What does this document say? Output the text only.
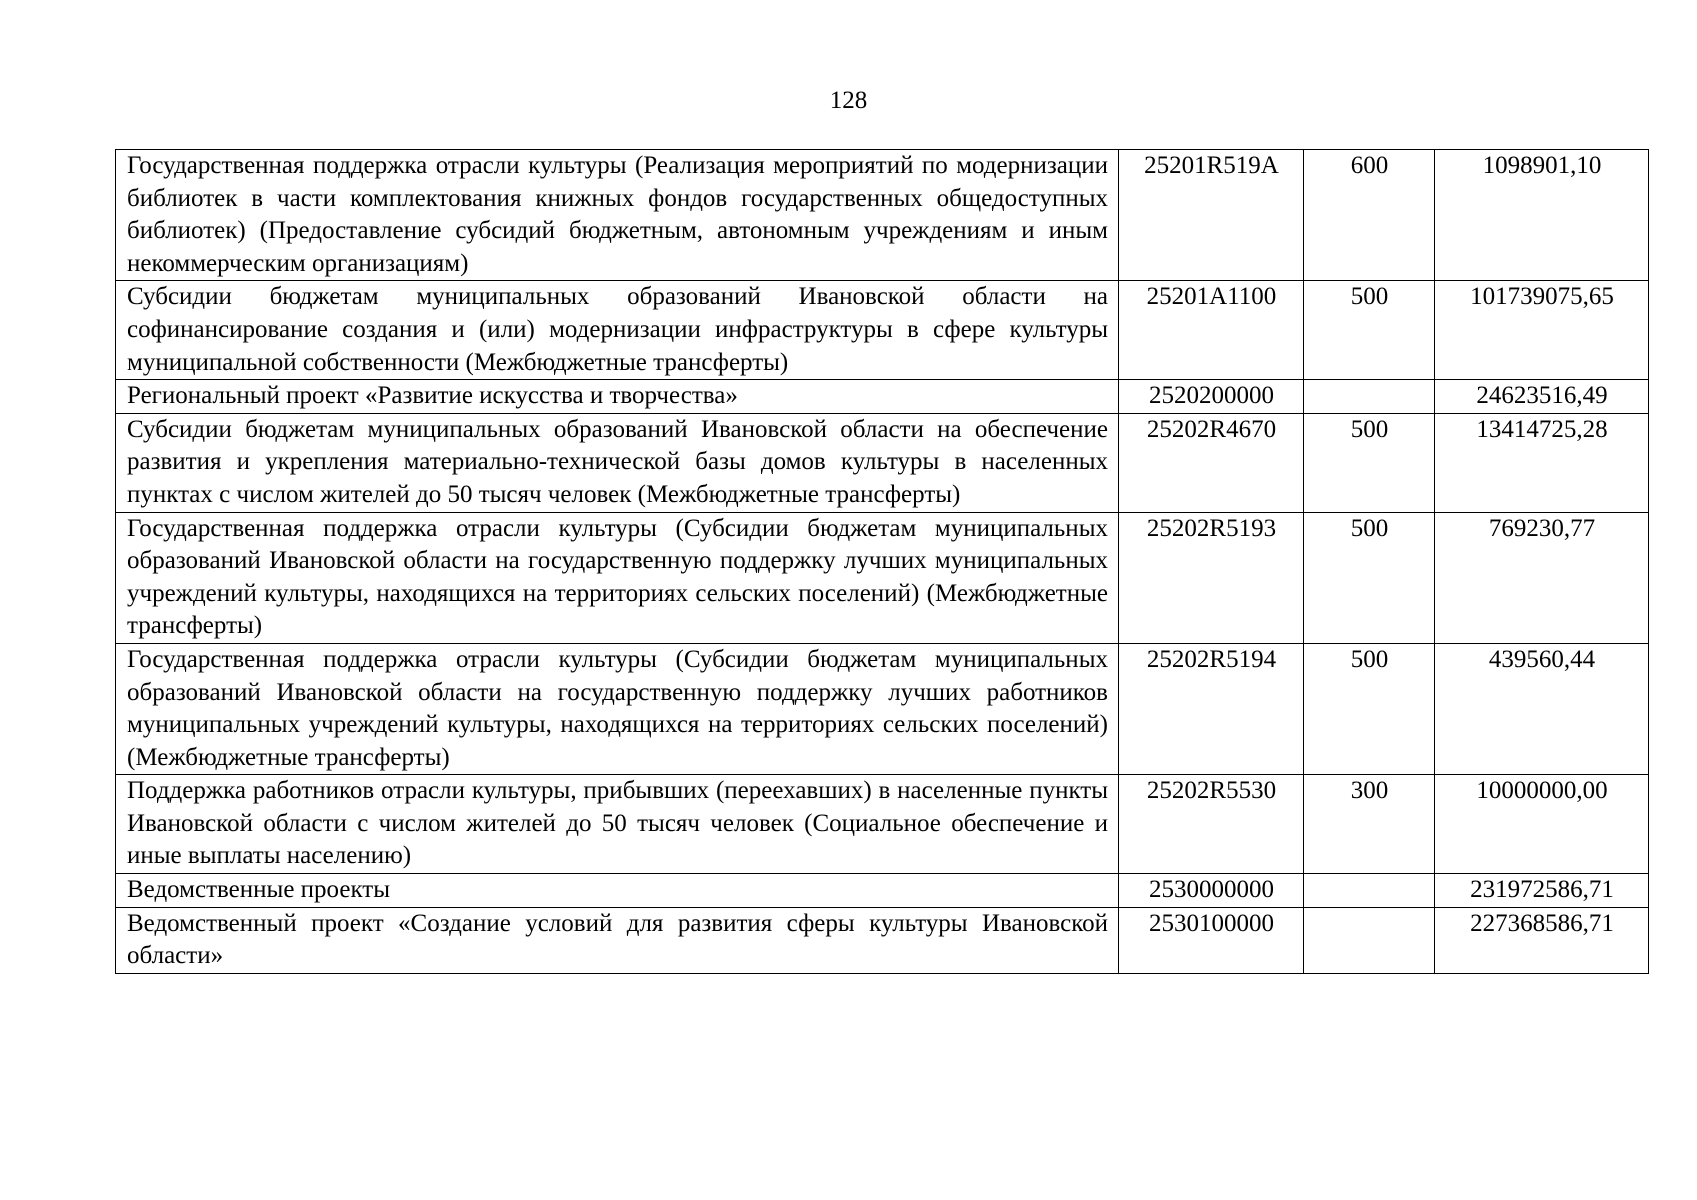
128
Государственная поддержка отрасли культуры (Реализация мероприятий по модернизации библиотек в части комплектования книжных фондов государственных общедоступных библиотек) (Предоставление субсидий бюджетным, автономным учреждениям и иным некоммерческим организациям)	25201R519A	600	1098901,10
Субсидии бюджетам муниципальных образований Ивановской области на софинансирование создания и (или) модернизации инфраструктуры в сфере культуры муниципальной собственности (Межбюджетные трансферты)	25201A1100	500	101739075,65
Региональный проект «Развитие искусства и творчества»	2520200000		24623516,49
Субсидии бюджетам муниципальных образований Ивановской области на обеспечение развития и укрепления материально-технической базы домов культуры в населенных пунктах с числом жителей до 50 тысяч человек (Межбюджетные трансферты)	25202R4670	500	13414725,28
Государственная поддержка отрасли культуры (Субсидии бюджетам муниципальных образований Ивановской области на государственную поддержку лучших муниципальных учреждений культуры, находящихся на территориях сельских поселений) (Межбюджетные трансферты)	25202R5193	500	769230,77
Государственная поддержка отрасли культуры (Субсидии бюджетам муниципальных образований Ивановской области на государственную поддержку лучших работников муниципальных учреждений культуры, находящихся на территориях сельских поселений) (Межбюджетные трансферты)	25202R5194	500	439560,44
Поддержка работников отрасли культуры, прибывших (переехавших) в населенные пункты Ивановской области с числом жителей до 50 тысяч человек (Социальное обеспечение и иные выплаты населению)	25202R5530	300	10000000,00
Ведомственные проекты	2530000000		231972586,71
Ведомственный проект «Создание условий для развития сферы культуры Ивановской области»	2530100000		227368586,71
